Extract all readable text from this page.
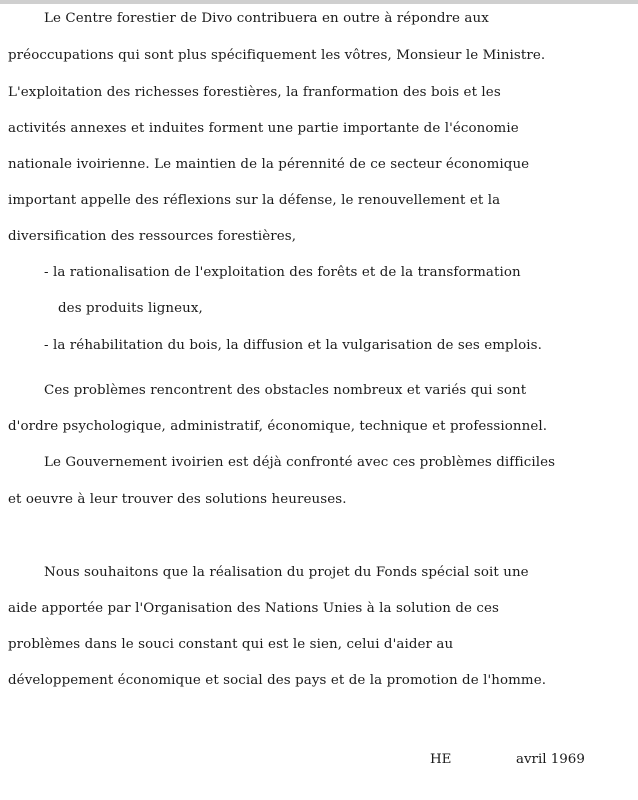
Le Centre forestier de Divo contribuera en outre à répondre aux
préoccupations qui sont plus spécifiquement les vôtres, Monsieur le Ministre.
L'exploitation des richesses forestières, la franformation des bois et les
activités annexes et induites forment une partie importante de l'économie
nationale ivoirienne. Le maintien de la pérennité de ce secteur économique
important appelle des réflexions sur la défense, le renouvellement et la
diversification des ressources forestières,
- la rationalisation de l'exploitation des forêts et de la transformation
des produits ligneux,
- la réhabilitation du bois, la diffusion et la vulgarisation de ses emplois.
Ces problèmes rencontrent des obstacles nombreux et variés qui sont
d'ordre psychologique, administratif, économique, technique et professionnel.
Le Gouvernement ivoirien est déjà confronté avec ces problèmes difficiles
et oeuvre à leur trouver des solutions heureuses.
Nous souhaitons que la réalisation du projet du Fonds spécial soit une
aide apportée par l'Organisation des Nations Unies à la solution de ces
problèmes dans le souci constant qui est le sien, celui d'aider au
développement économique et social des pays et de la promotion de l'homme.
HE	avril 1969
